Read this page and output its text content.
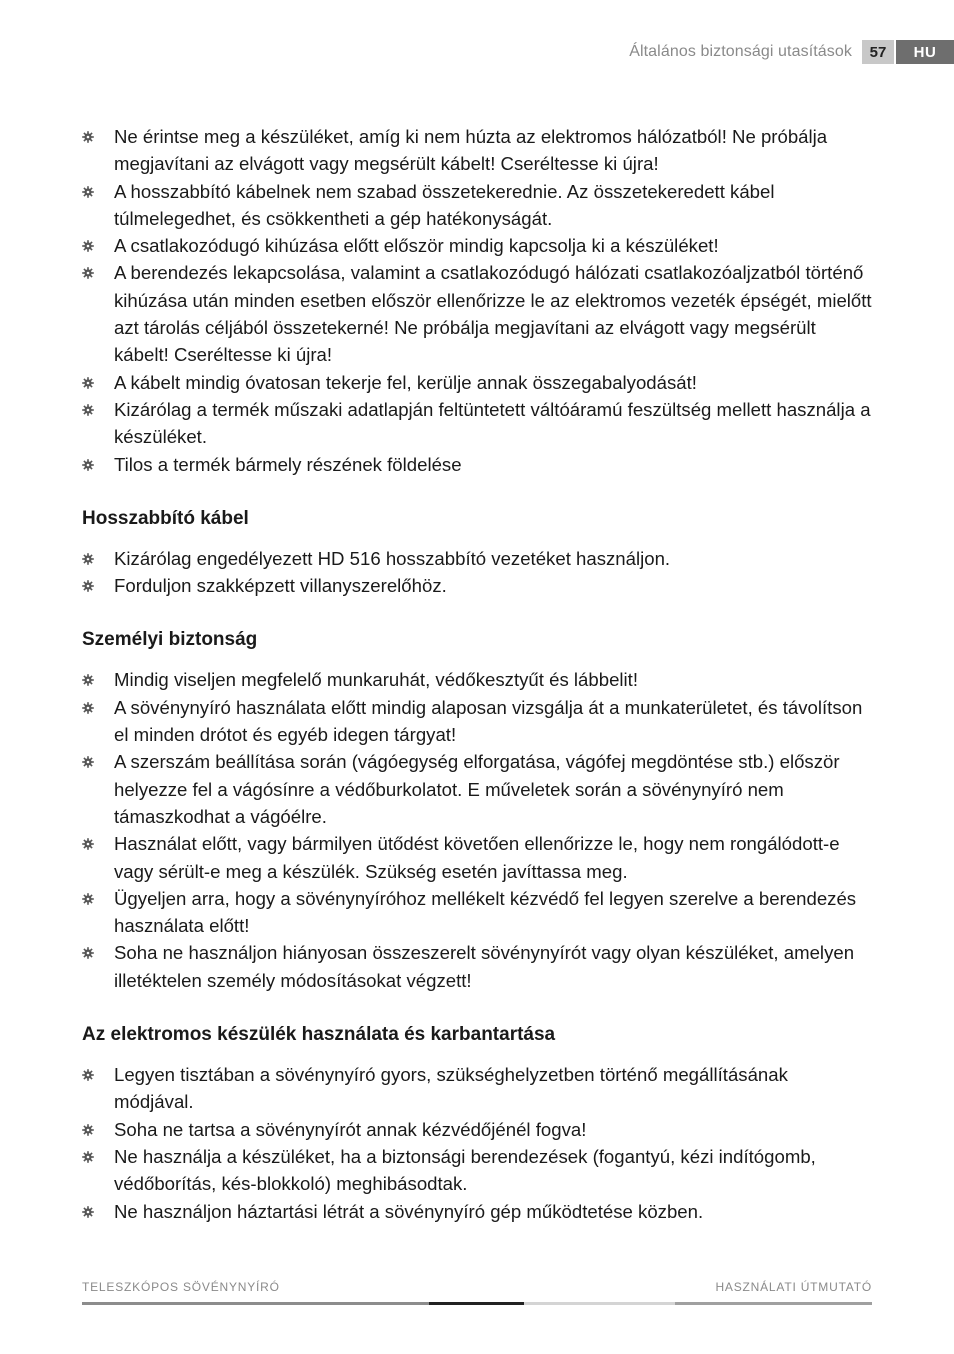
Általános biztonsági utasítások	57	HU
Ne érintse meg a készüléket, amíg ki nem húzta az elektromos hálózatból! Ne próbálja megjavítani az elvágott vagy megsérült kábelt! Cseréltesse ki újra!
A hosszabbító kábelnek nem szabad összetekerednie. Az összetekeredett kábel túlmelegedhet, és csökkentheti a gép hatékonyságát.
A csatlakozódugó kihúzása előtt először mindig kapcsolja ki a készüléket!
A berendezés lekapcsolása, valamint a csatlakozódugó hálózati csatlakozóaljzatból történő kihúzása után minden esetben először ellenőrizze le az elektromos vezeték épségét, mielőtt azt tárolás céljából összetekerné! Ne próbálja megjavítani az elvágott vagy megsérült kábelt! Cseréltesse ki újra!
A kábelt mindig óvatosan tekerje fel, kerülje annak összegabalyodását!
Kizárólag a termék műszaki adatlapján feltüntetett váltóáramú feszültség mellett használja a készüléket.
Tilos a termék bármely részének földelése
Hosszabbító kábel
Kizárólag engedélyezett HD 516 hosszabbító vezetéket használjon.
Forduljon szakképzett villanyszerelőhöz.
Személyi biztonság
Mindig viseljen megfelelő munkaruhát, védőkesztyűt és lábbelit!
A sövénynyíró használata előtt mindig alaposan vizsgálja át a munkaterületet, és távolítson el minden drótot és egyéb idegen tárgyat!
A szerszám beállítása során (vágóegység elforgatása, vágófej megdöntése stb.) először helyezze fel a vágósínre a védőburkolatot. E műveletek során a sövénynyíró nem támaszkodhat a vágóélre.
Használat előtt, vagy bármilyen ütődést követően ellenőrizze le, hogy nem rongálódott-e vagy sérült-e meg a készülék. Szükség esetén javíttassa meg.
Ügyeljen arra, hogy a sövénynyíróhoz mellékelt kézvédő fel legyen szerelve a berendezés használata előtt!
Soha ne használjon hiányosan összeszerelt sövénynyírót vagy olyan készüléket, amelyen illetéktelen személy módosításokat végzett!
Az elektromos készülék használata és karbantartása
Legyen tisztában a sövénynyíró gyors, szükséghelyzetben történő megállításának módjával.
Soha ne tartsa a sövénynyírót annak kézvédőjénél fogva!
Ne használja a készüléket, ha a biztonsági berendezések (fogantyú, kézi indítógomb, védőborítás, kés-blokkoló) meghibásodtak.
Ne használjon háztartási létrát a sövénynyíró gép működtetése közben.
TELESZKÓPOS SÖVÉNYNYÍRÓ	HASZNÁLATI ÚTMUTATÓ
